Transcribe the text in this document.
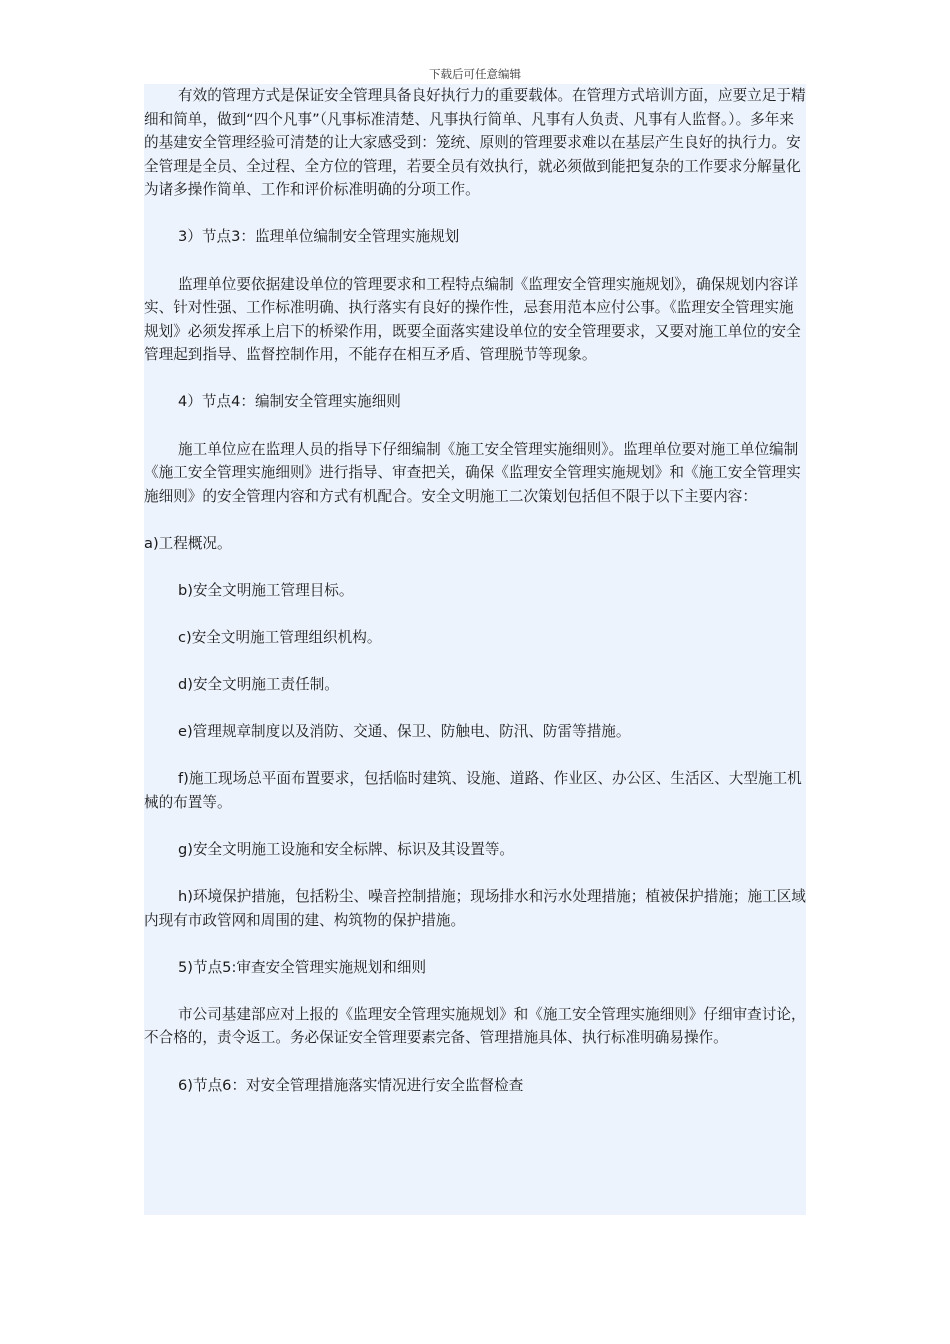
下载后可任意编辑

有效的管理方式是保证安全管理具备良好执行力的重要载体。在管理方式培训方面，应要立足于精细和简单，做到“四个凡事”（凡事标准清楚、凡事执行简单、凡事有人负责、凡事有人监督。）。多年来的基建安全管理经验可清楚的让大家感受到：笼统、原则的管理要求难以在基层产生良好的执行力。安全管理是全员、全过程、全方位的管理，若要全员有效执行，就必须做到能把复杂的工作要求分解量化为诸多操作简单、工作和评价标准明确的分项工作。

3）节点3：监理单位编制安全管理实施规划

监理单位要依据建设单位的管理要求和工程特点编制《监理安全管理实施规划》，确保规划内容详实、针对性强、工作标准明确、执行落实有良好的操作性，忌套用范本应付公事。《监理安全管理实施规划》必须发挥承上启下的桥梁作用，既要全面落实建设单位的安全管理要求，又要对施工单位的安全管理起到指导、监督控制作用，不能存在相互矛盾、管理脱节等现象。

4）节点4：编制安全管理实施细则

施工单位应在监理人员的指导下仔细编制《施工安全管理实施细则》。监理单位要对施工单位编制《施工安全管理实施细则》进行指导、审查把关，确保《监理安全管理实施规划》和《施工安全管理实施细则》的安全管理内容和方式有机配合。安全文明施工二次策划包括但不限于以下主要内容：

a)工程概况。

b)安全文明施工管理目标。

c)安全文明施工管理组织机构。

d)安全文明施工责任制。

e)管理规章制度以及消防、交通、保卫、防触电、防汛、防雷等措施。

f)施工现场总平面布置要求，包括临时建筑、设施、道路、作业区、办公区、生活区、大型施工机械的布置等。

g)安全文明施工设施和安全标牌、标识及其设置等。

h)环境保护措施，包括粉尘、噪音控制措施；现场排水和污水处理措施；植被保护措施；施工区域内现有市政管网和周围的建、构筑物的保护措施。

5)节点5:审查安全管理实施规划和细则

市公司基建部应对上报的《监理安全管理实施规划》和《施工安全管理实施细则》仔细审查讨论，不合格的，责令返工。务必保证安全管理要素完备、管理措施具体、执行标准明确易操作。

6)节点6：对安全管理措施落实情况进行安全监督检查
